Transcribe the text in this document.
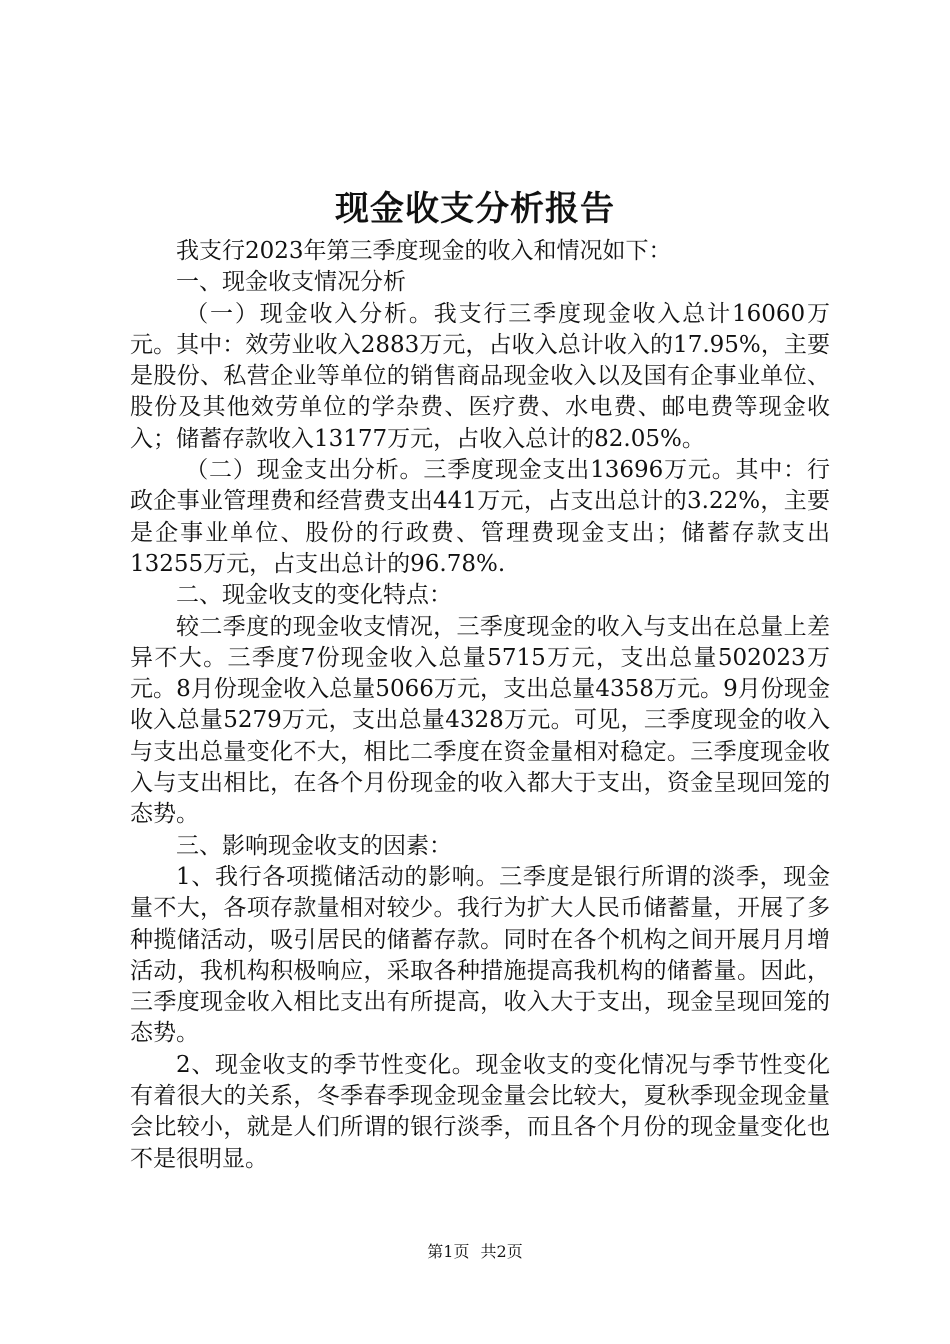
现金收支分析报告

我支行2023年第三季度现金的收入和情况如下：

一、现金收支情况分析

（一）现金收入分析。我支行三季度现金收入总计16060万元。其中：效劳业收入2883万元，占收入总计收入的17.95%，主要是股份、私营企业等单位的销售商品现金收入以及国有企事业单位、股份及其他效劳单位的学杂费、医疗费、水电费、邮电费等现金收入；储蓄存款收入13177万元，占收入总计的82.05%。

（二）现金支出分析。三季度现金支出13696万元。其中：行政企事业管理费和经营费支出441万元，占支出总计的3.22%，主要是企事业单位、股份的行政费、管理费现金支出；储蓄存款支出13255万元，占支出总计的96.78%.

二、现金收支的变化特点：

较二季度的现金收支情况，三季度现金的收入与支出在总量上差异不大。三季度7份现金收入总量5715万元，支出总量502023万元。8月份现金收入总量5066万元，支出总量4358万元。9月份现金收入总量5279万元，支出总量4328万元。可见，三季度现金的收入与支出总量变化不大，相比二季度在资金量相对稳定。三季度现金收入与支出相比，在各个月份现金的收入都大于支出，资金呈现回笼的态势。

三、影响现金收支的因素：

1、我行各项揽储活动的影响。三季度是银行所谓的淡季，现金量不大，各项存款量相对较少。我行为扩大人民币储蓄量，开展了多种揽储活动，吸引居民的储蓄存款。同时在各个机构之间开展月月增活动，我机构积极响应，采取各种措施提高我机构的储蓄量。因此，三季度现金收入相比支出有所提高，收入大于支出，现金呈现回笼的态势。

2、现金收支的季节性变化。现金收支的变化情况与季节性变化有着很大的关系，冬季春季现金现金量会比较大，夏秋季现金现金量会比较小，就是人们所谓的银行淡季，而且各个月份的现金量变化也不是很明显。

第1页 共2页
